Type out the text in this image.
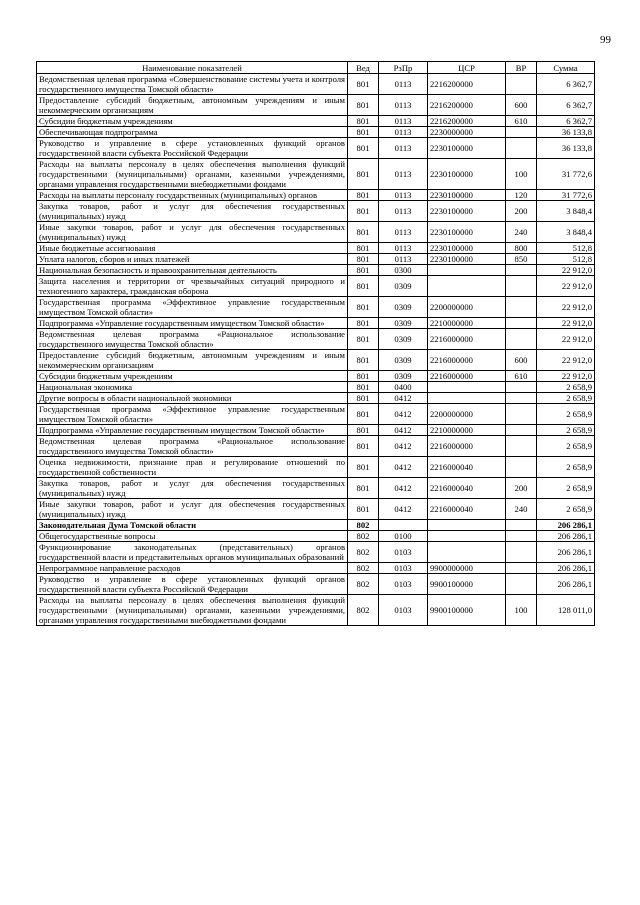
99
Наименование показателей	Вед	РзПр	ЦСР	ВР	Сумма
Ведомственная целевая программа «Совершенствование системы учета и контроля государственного имущества Томской области»	801	0113	2216200000		6 362,7
Предоставление субсидий бюджетным, автономным учреждениям и иным некоммерческим организациям	801	0113	2216200000	600	6 362,7
Субсидии бюджетным учреждениям	801	0113	2216200000	610	6 362,7
Обеспечивающая подпрограмма	801	0113	2230000000		36 133,8
Руководство и управление в сфере установленных функций органов государственной власти субъекта Российской Федерации	801	0113	2230100000		36 133,8
Расходы на выплаты персоналу в целях обеспечения выполнения функций государственными (муниципальными) органами, казенными учреждениями, органами управления государственными внебюджетными фондами	801	0113	2230100000	100	31 772,6
Расходы на выплаты персоналу государственных (муниципальных) органов	801	0113	2230100000	120	31 772,6
Закупка товаров, работ и услуг для обеспечения государственных (муниципальных) нужд	801	0113	2230100000	200	3 848,4
Иные закупки товаров, работ и услуг для обеспечения государственных (муниципальных) нужд	801	0113	2230100000	240	3 848,4
Иные бюджетные ассигнования	801	0113	2230100000	800	512,8
Уплата налогов, сборов и иных платежей	801	0113	2230100000	850	512,8
Национальная безопасность и правоохранительная деятельность	801	0300			22 912,0
Защита населения и территории от чрезвычайных ситуаций природного и техногенного характера, гражданская оборона	801	0309			22 912,0
Государственная программа «Эффективное управление государственным имуществом Томской области»	801	0309	2200000000		22 912,0
Подпрограмма «Управление государственным имуществом Томской области»	801	0309	2210000000		22 912,0
Ведомственная целевая программа «Рациональное использование государственного имущества Томской области»	801	0309	2216000000		22 912,0
Предоставление субсидий бюджетным, автономным учреждениям и иным некоммерческим организациям	801	0309	2216000000	600	22 912,0
Субсидии бюджетным учреждениям	801	0309	2216000000	610	22 912,0
Национальная экономика	801	0400			2 658,9
Другие вопросы в области национальной экономики	801	0412			2 658,9
Государственная программа «Эффективное управление государственным имуществом Томской области»	801	0412	2200000000		2 658,9
Подпрограмма «Управление государственным имуществом Томской области»	801	0412	2210000000		2 658,9
Ведомственная целевая программа «Рациональное использование государственного имущества Томской области»	801	0412	2216000000		2 658,9
Оценка недвижимости, признание прав и регулирование отношений по государственной собственности	801	0412	2216000040		2 658,9
Закупка товаров, работ и услуг для обеспечения государственных (муниципальных) нужд	801	0412	2216000040	200	2 658,9
Иные закупки товаров, работ и услуг для обеспечения государственных (муниципальных) нужд	801	0412	2216000040	240	2 658,9
Законодательная Дума Томской области	802				206 286,1
Общегосударственные вопросы	802	0100			206 286,1
Функционирование законодательных (представительных) органов государственной власти и представительных органов муниципальных образований	802	0103			206 286,1
Непрограммное направление расходов	802	0103	9900000000		206 286,1
Руководство и управление в сфере установленных функций органов государственной власти субъекта Российской Федерации	802	0103	9900100000		206 286,1
Расходы на выплаты персоналу в целях обеспечения выполнения функций государственными (муниципальными) органами, казенными учреждениями, органами управления государственными внебюджетными фондами	802	0103	9900100000	100	128 011,0
